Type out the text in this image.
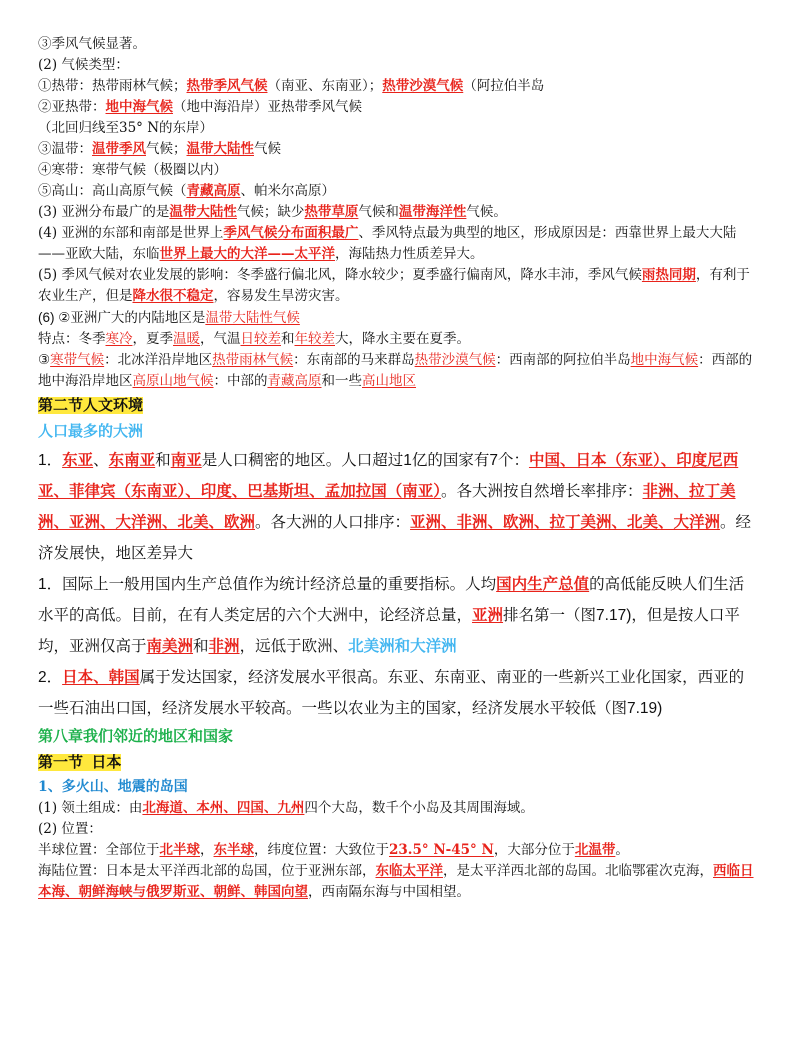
③季风气候显著。
(2) 气候类型：
①热带：热带雨林气候；热带季风气候（南亚、东南亚）；热带沙漠气候（阿拉伯半岛
②亚热带：地中海气候（地中海沿岸）亚热带季风气候
（北回归线至35° N的东岸）
③温带：温带季风气候；温带大陆性气候
④寒带：寒带气候（极圈以内）
⑤高山：高山高原气候（青藏高原、帕米尔高原）
(3) 亚洲分布最广的是温带大陆性气候；缺少热带草原气候和温带海洋性气候。
(4) 亚洲的东部和南部是世界上季风气候分布面积最广、季风特点最为典型的地区，形成原因是：西靠世界上最大大陆——亚欧大陆，东临世界上最大的大洋——太平洋，海陆热力性质差异大。
(5) 季风气候对农业发展的影响：冬季盛行偏北风，降水较少；夏季盛行偏南风，降水丰沛，季风气候雨热同期，有利于农业生产，但是降水很不稳定，容易发生旱涝灾害。
(6) ②亚洲广大的内陆地区是温带大陆性气候
特点：冬季寒冷，夏季温暖，气温日较差和年较差大，降水主要在夏季。
③寒带气候：北冰洋沿岸地区热带雨林气候：东南部的马来群岛热带沙漠气候：西南部的阿拉伯半岛地中海气候：西部的地中海沿岸地区高原山地气候：中部的青藏高原和一些高山地区
第二节人文环境
人口最多的大洲
1．东亚、东南亚和南亚是人口稠密的地区。人口超过1亿的国家有7个：中国、日本（东亚）、印度尼西亚、菲律宾（东南亚）、印度、巴基斯坦、孟加拉国（南亚）。各大洲按自然增长率排序：非洲、拉丁美洲、亚洲、大洋洲、北美、欧洲。各大洲的人口排序：亚洲、非洲、欧洲、拉丁美洲、北美、大洋洲。经济发展快，地区差异大
1．国际上一般用国内生产总值作为统计经济总量的重要指标。人均国内生产总值的高低能反映人们生活水平的高低。目前，在有人类定居的六个大洲中，论经济总量，亚洲排名第一（图7.17)，但是按人口平均，亚洲仅高于南美洲和非洲，远低于欧洲、北美洲和大洋洲
2．日本、韩国属于发达国家，经济发展水平很高。东亚、东南亚、南亚的一些新兴工业化国家，西亚的一些石油出口国，经济发展水平较高。一些以农业为主的国家，经济发展水平较低（图7.19)
第八章我们邻近的地区和国家
第一节  日本
1、多火山、地震的岛国
(1) 领土组成：由北海道、本州、四国、九州四个大岛，数千个小岛及其周围海域。
(2) 位置：
半球位置：全部位于北半球，东半球，纬度位置：大致位于23.5° N-45° N，大部分位于北温带。
海陆位置：日本是太平洋西北部的岛国，位于亚洲东部，东临太平洋，是太平洋西北部的岛国。北临鄂霍次克海，西临日本海、朝鲜海峡与俄罗斯亚、朝鲜、韩国向望，西南隔东海与中国相望。
